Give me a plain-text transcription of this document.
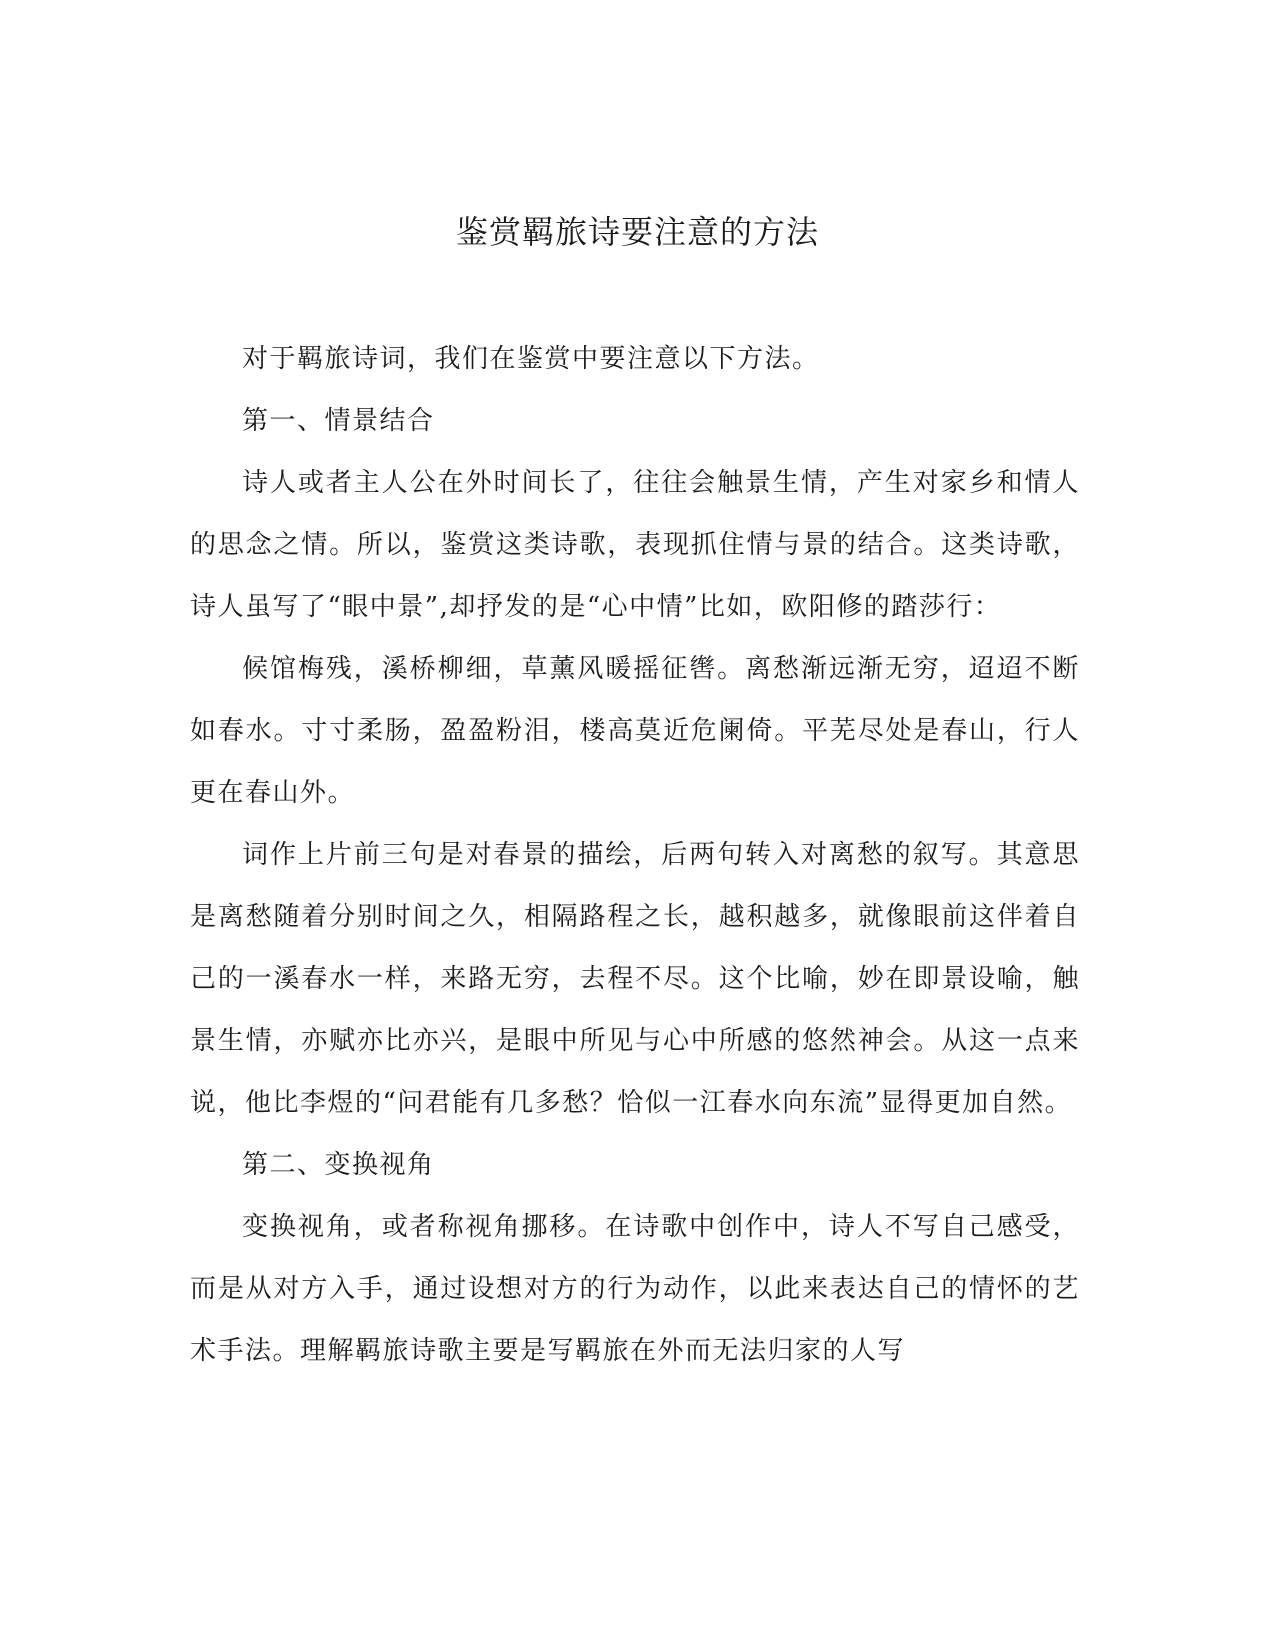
鉴赏羁旅诗要注意的方法

对于羁旅诗词，我们在鉴赏中要注意以下方法。

第一、情景结合

诗人或者主人公在外时间长了，往往会触景生情，产生对家乡和情人的思念之情。所以，鉴赏这类诗歌，表现抓住情与景的结合。这类诗歌，诗人虽写了“眼中景”,却抒发的是“心中情”比如，欧阳修的踏莎行：

候馆梅残，溪桥柳细，草薰风暖摇征辔。离愁渐远渐无穷，迢迢不断如春水。寸寸柔肠，盈盈粉泪，楼高莫近危阑倚。平芜尽处是春山，行人更在春山外。

词作上片前三句是对春景的描绘，后两句转入对离愁的叙写。其意思是离愁随着分别时间之久，相隔路程之长，越积越多，就像眼前这伴着自己的一溪春水一样，来路无穷，去程不尽。这个比喻，妙在即景设喻，触景生情，亦赋亦比亦兴，是眼中所见与心中所感的悠然神会。从这一点来说，他比李煜的“问君能有几多愁？恰似一江春水向东流”显得更加自然。

第二、变换视角

变换视角，或者称视角挪移。在诗歌中创作中，诗人不写自己感受，而是从对方入手，通过设想对方的行为动作，以此来表达自己的情怀的艺术手法。理解羁旅诗歌主要是写羁旅在外而无法归家的人写
